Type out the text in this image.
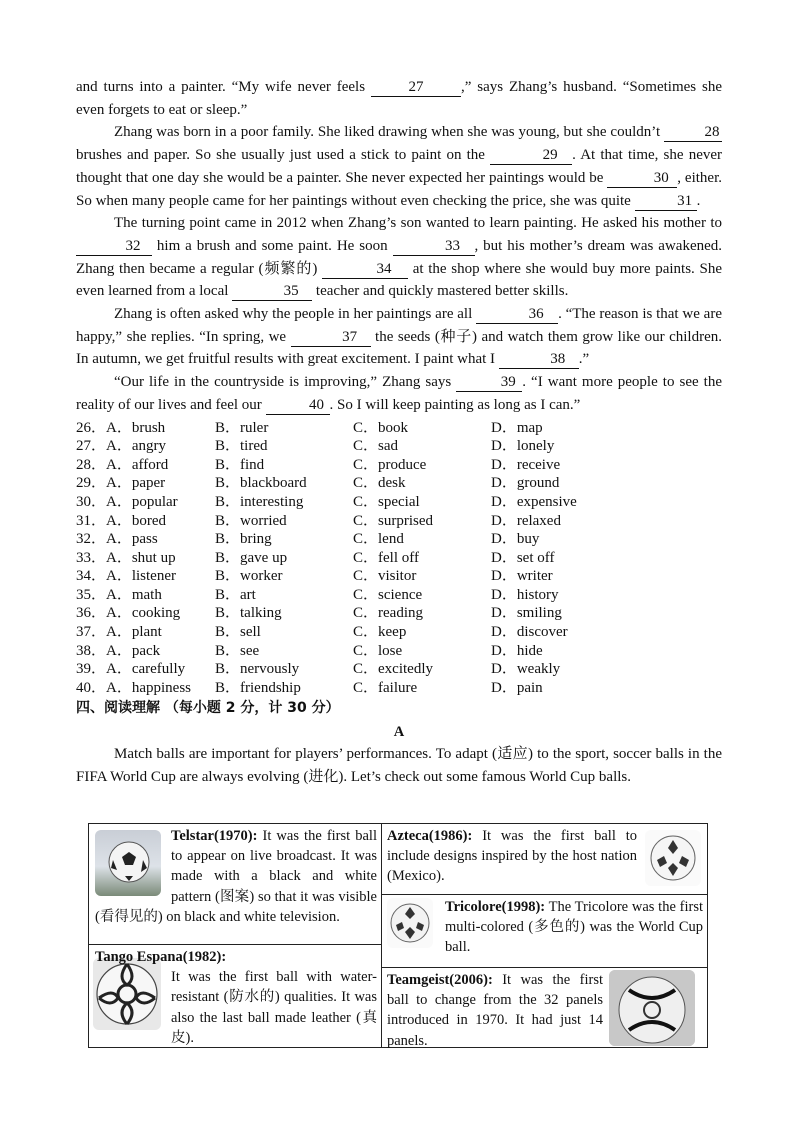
and turns into a painter. “My wife never feels	27	,” says Zhang’s husband. “Sometimes she even forgets to eat or sleep.”

Zhang was born in a poor family. She liked drawing when she was young, but she couldn’t	28 brushes and paper. So she usually just used a stick to paint on the	29 . At that time, she never thought that one day she would be a painter. She never expected her paintings would be	30 , either. So when many people came for her paintings without even checking the price, she was quite	31 .

The turning point came in 2012 when Zhang’s son wanted to learn painting. He asked his mother to 32 him a brush and some paint. He soon	33 , but his mother’s dream was awakened. Zhang then became a regular (频繁的)	34 at the shop where she would buy more paints. She even learned from a local	35 teacher and quickly mastered better skills.

Zhang is often asked why the people in her paintings are all	36 . “The reason is that we are happy,” she replies. “In spring, we	37 the seeds (种子) and watch them grow like our children. In autumn, we get fruitful results with great excitement. I paint what I	38 .”

“Our life in the countryside is improving,” Zhang says	39 . “I want more people to see the reality of our lives and feel our	40 . So I will keep painting as long as I can.”

26．A．brush	B．ruler	C．book	D．map
27．A．angry	B．tired	C．sad	D．lonely
28．A．afford	B．find	C．produce	D．receive
29．A．paper	B．blackboard	C．desk	D．ground
30．A．popular B．interesting	C．special	D．expensive
31．A．bored	B．worried	C．surprised	D．relaxed
32．A．pass	B．bring	C．lend	D．buy
33．A．shut up	B．gave up	C．fell off	D．set off
34．A．listener	B．worker	C．visitor	D．writer
35．A．math	B．art	C．science	D．history
36．A．cooking B．talking	C．reading	D．smiling
37．A．plant	B．sell	C．keep	D．discover
38．A．pack	B．see	C．lose	D．hide
39．A．carefully B．nervously	C．excitedly	D．weakly
40．A．happiness B．friendship	C．failure	D．pain
四、阅读理解 （每小题 2 分，计 30 分）
A

Match balls are important for players’ performances. To adapt (适应) to the sport, soccer balls in the FIFA World Cup are always evolving (进化). Let’s check out some famous World Cup balls.

Telstar(1970): It was the first ball to appear on live broadcast. It was made with a black and white pattern (图案) so that it was visible (看得见的) on black and white television.
Tango Espana(1982):
It was the first ball with water-resistant (防水的) qualities. It was also the last ball made leather (真皮).
Azteca(1986): It was the first ball to include designs inspired by the host nation (Mexico).
Tricolore(1998): The Tricolore was the first multi-colored (多色的) was the World Cup ball.
Teamgeist(2006): It was the first ball to change from the 32 panels introduced in 1970. It had just 14 panels.
